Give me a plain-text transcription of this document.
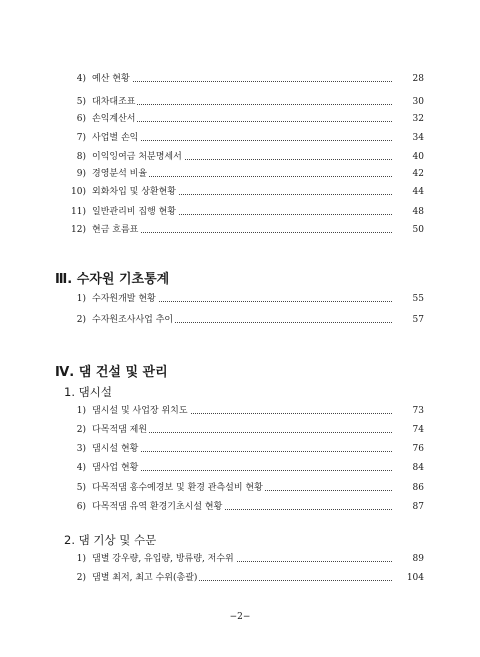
4) 예산 현황	28
5) 대차대조표	30
6) 손익계산서	32
7) 사업별 손익	34
8) 이익잉여금 처분명세서	40
9) 경영분석 비율	42
10) 외화차입 및 상환현황	44
11) 일반관리비 집행 현황	48
12) 현금 흐름표	50
Ⅲ. 수자원 기초통계
1) 수자원개발 현황	55
2) 수자원조사사업 추이	57
Ⅳ. 댐 건설 및 관리
1. 댐시설
1) 댐시설 및 사업장 위치도	73
2) 다목적댐 제원	74
3) 댐시설 현황	76
4) 댐사업 현황	84
5) 다목적댐 홍수예경보 및 환경 관측설비 현황	86
6) 다목적댐 유역 환경기초시설 현황	87
2. 댐 기상 및 수문
1) 댐별 강우량, 유입량, 방류량, 저수위	89
2) 댐별 최저, 최고 수위(총괄)	104
−2−
